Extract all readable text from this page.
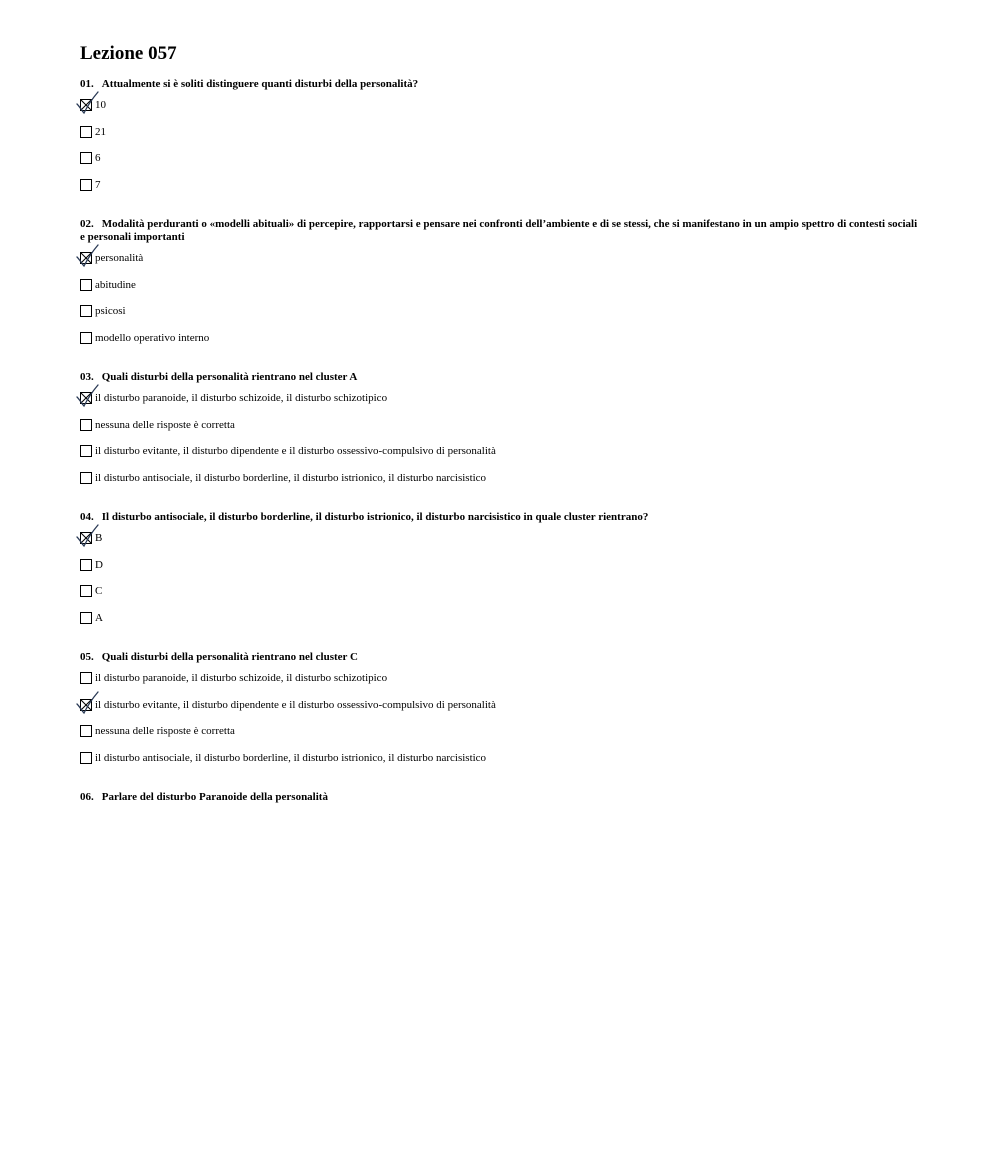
Lezione 057
01. Attualmente si è soliti distinguere quanti disturbi della personalità?
10
21
6
7
02. Modalità perduranti o «modelli abituali» di percepire, rapportarsi e pensare nei confronti dell’ambiente e di se stessi, che si manifestano in un ampio spettro di contesti sociali e personali importanti
personalità
abitudine
psicosi
modello operativo interno
03. Quali disturbi della personalità rientrano nel cluster A
il disturbo paranoide, il disturbo schizoide, il disturbo schizotipico
nessuna delle risposte è corretta
il disturbo evitante, il disturbo dipendente e il disturbo ossessivo-compulsivo di personalità
il disturbo antisociale, il disturbo borderline, il disturbo istrionico, il disturbo narcisistico
04. Il disturbo antisociale, il disturbo borderline, il disturbo istrionico, il disturbo narcisistico in quale cluster rientrano?
B
D
C
A
05. Quali disturbi della personalità rientrano nel cluster C
il disturbo paranoide, il disturbo schizoide, il disturbo schizotipico
il disturbo evitante, il disturbo dipendente e il disturbo ossessivo-compulsivo di personalità
nessuna delle risposte è corretta
il disturbo antisociale, il disturbo borderline, il disturbo istrionico, il disturbo narcisistico
06. Parlare del disturbo Paranoide della personalità
